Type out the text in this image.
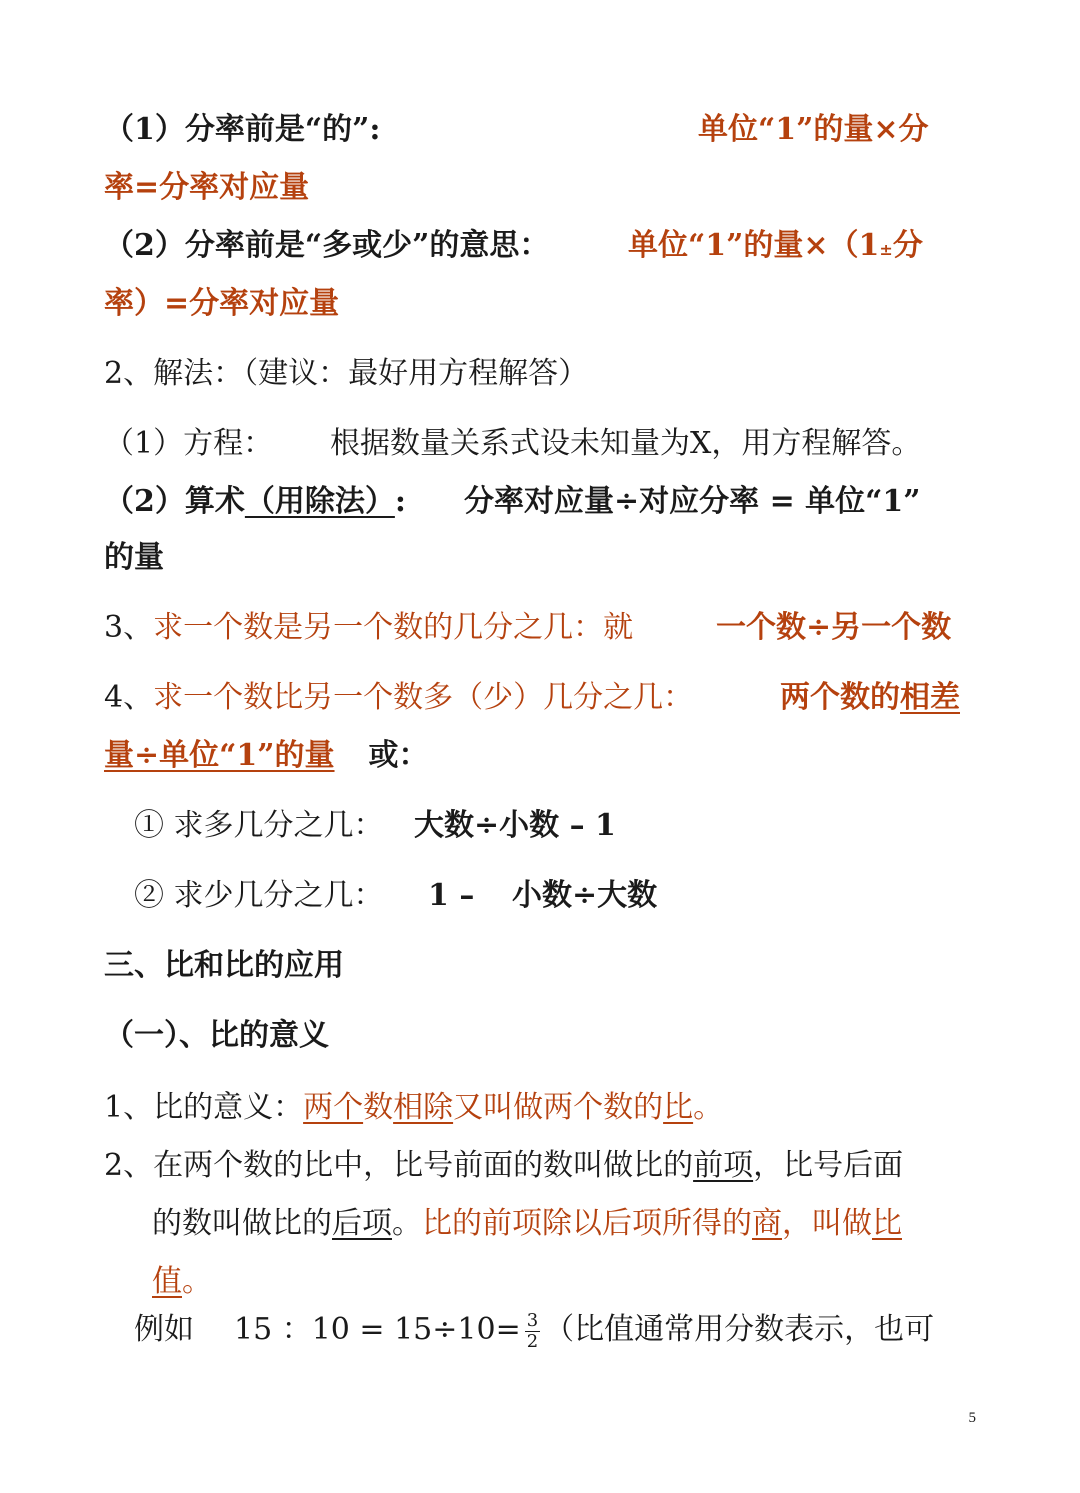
（1）分率前是“的”:	单位“1”的量×分
率=分率对应量
（2）分率前是“多或少”的意思：	单位“1”的量×（1±分
率）=分率对应量
2、解法：（建议：最好用方程解答）
（1）方程： 根据数量关系式设未知量为X，用方程解答。
（2）算术（用除法）: 分率对应量÷对应分率 = 单位“1”
的量
3、求一个数是另一个数的几分之几：就	一个数÷另一个数
4、求一个数比另一个数多（少）几分之几：	两个数的相差
量÷单位“1”的量 或：
① 求多几分之几： 大数÷小数 – 1
② 求少几分之几： 1 – 小数÷大数
三、比和比的应用
（一）、比的意义
1、比的意义：两个数相除又叫做两个数的比。
2、在两个数的比中，比号前面的数叫做比的前项，比号后面
的数叫做比的后项。比的前项除以后项所得的商，叫做比
值。
例如 15 ：$10 = 15\div 10= \frac{3}{2}$ （比值通常用分数表示，也可
5
